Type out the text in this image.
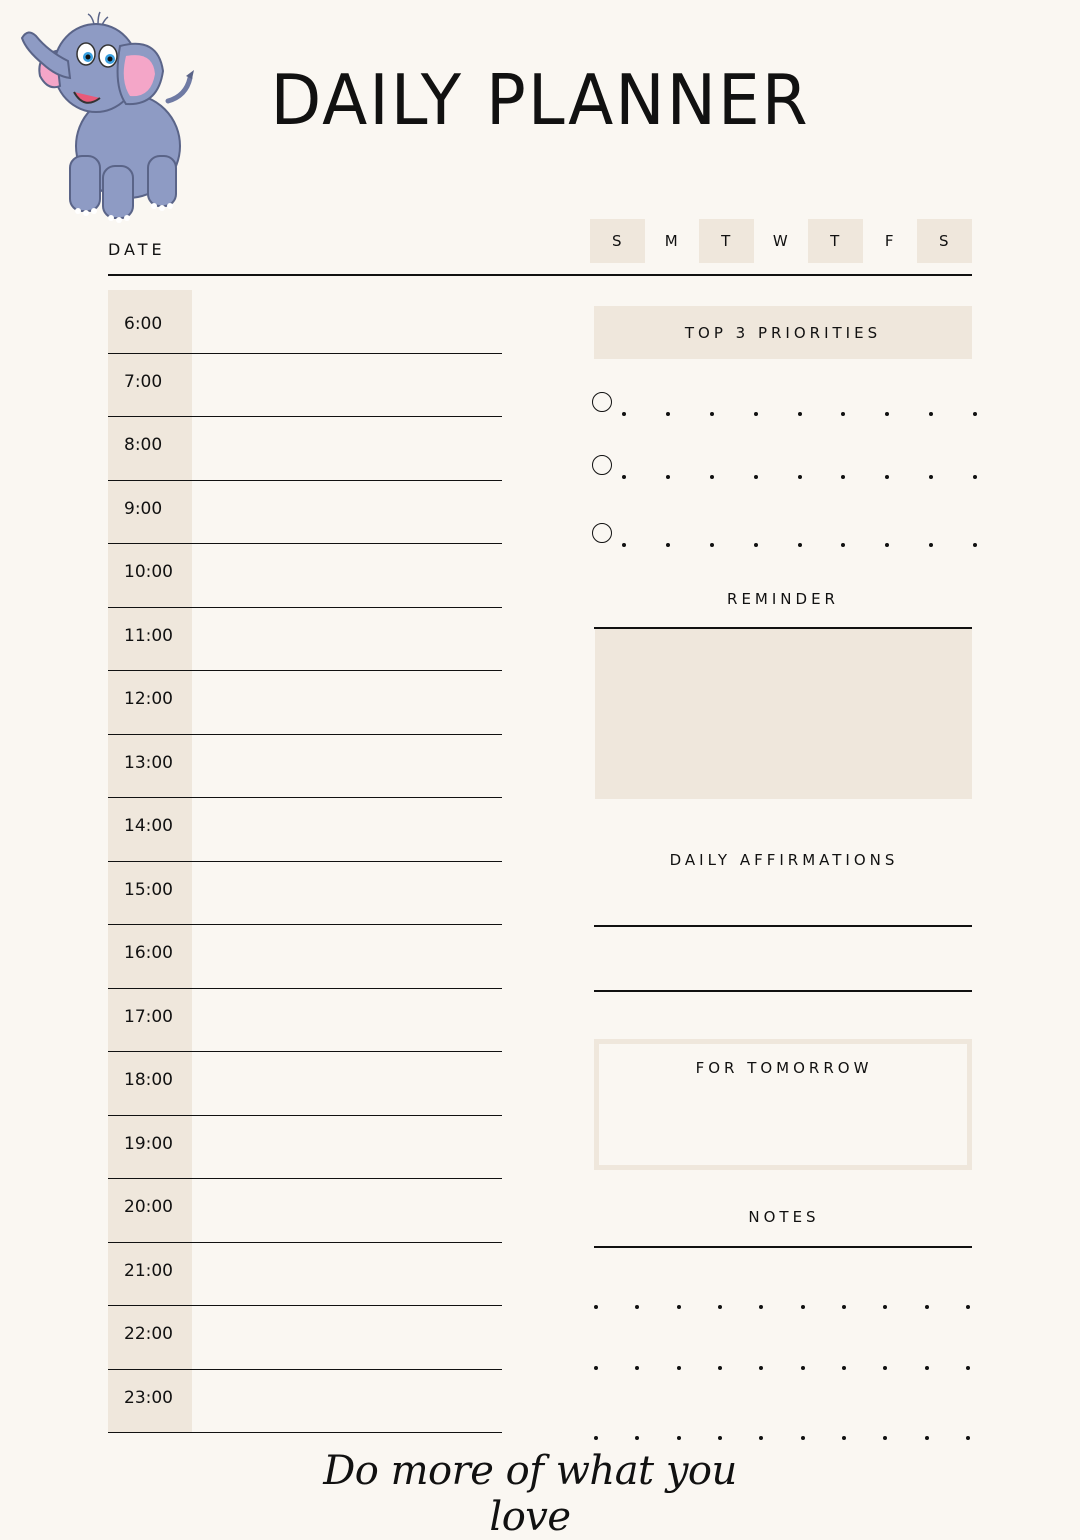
DAILY PLANNER
DATE	S	M	T	W	T	F	S
6:00
7:00
8:00
9:00
10:00
11:00
12:00
13:00
14:00
15:00
16:00
17:00
18:00
19:00
20:00
21:00
22:00
23:00
TOP 3 PRIORITIES
REMINDER
DAILY AFFIRMATIONS
FOR TOMORROW
NOTES
Do more of what you love
